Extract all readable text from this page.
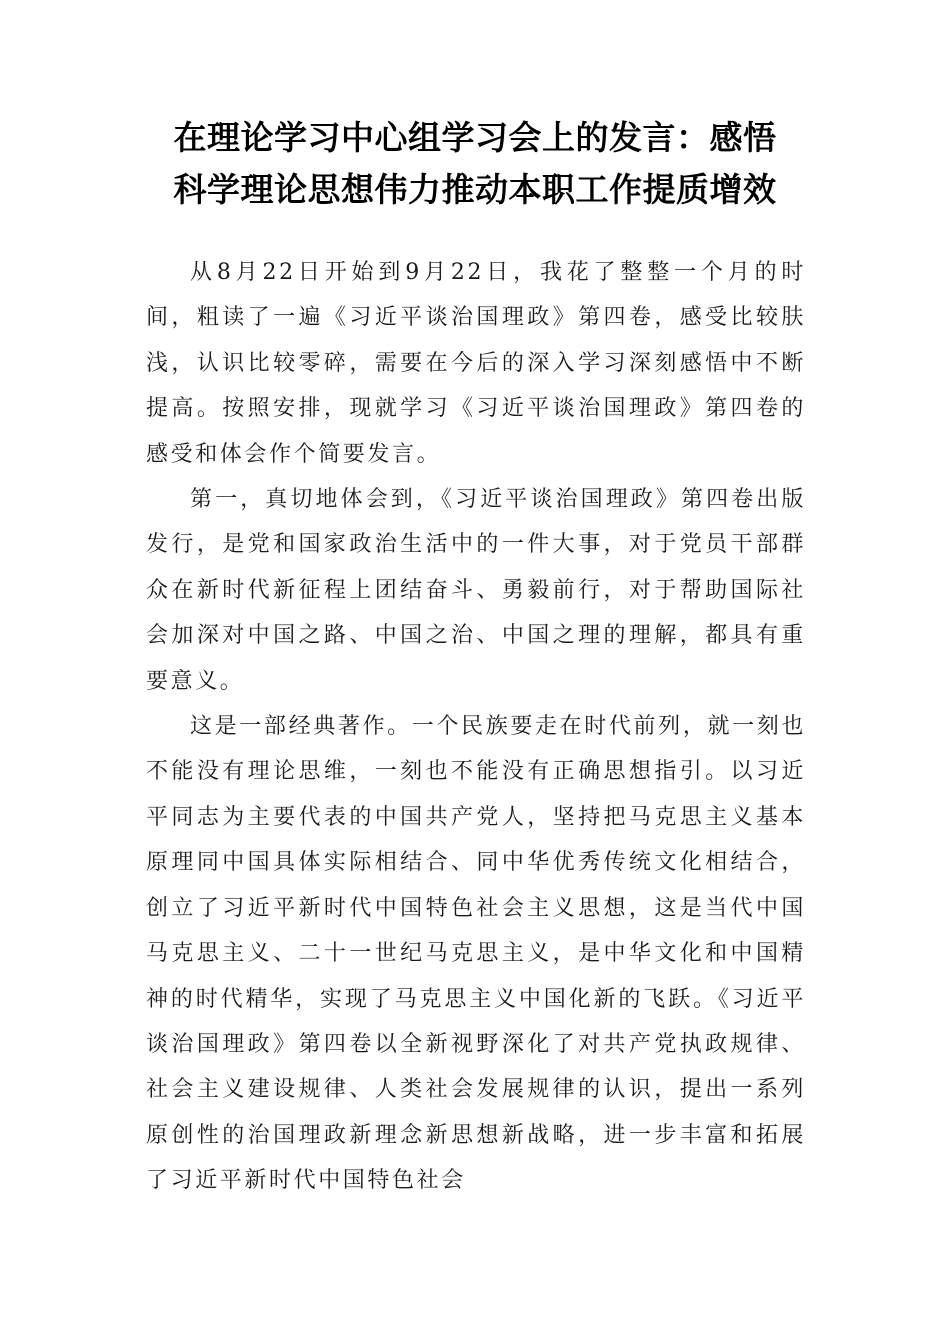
在理论学习中心组学习会上的发言：感悟
科学理论思想伟力推动本职工作提质增效

从8月22日开始到9月22日，我花了整整一个月的时间，粗读了一遍《习近平谈治国理政》第四卷，感受比较肤浅，认识比较零碎，需要在今后的深入学习深刻感悟中不断提高。按照安排，现就学习《习近平谈治国理政》第四卷的感受和体会作个简要发言。

第一，真切地体会到，《习近平谈治国理政》第四卷出版发行，是党和国家政治生活中的一件大事，对于党员干部群众在新时代新征程上团结奋斗、勇毅前行，对于帮助国际社会加深对中国之路、中国之治、中国之理的理解，都具有重要意义。

这是一部经典著作。一个民族要走在时代前列，就一刻也不能没有理论思维，一刻也不能没有正确思想指引。以习近平同志为主要代表的中国共产党人，坚持把马克思主义基本原理同中国具体实际相结合、同中华优秀传统文化相结合，创立了习近平新时代中国特色社会主义思想，这是当代中国马克思主义、二十一世纪马克思主义，是中华文化和中国精神的时代精华，实现了马克思主义中国化新的飞跃。《习近平谈治国理政》第四卷以全新视野深化了对共产党执政规律、社会主义建设规律、人类社会发展规律的认识，提出一系列原创性的治国理政新理念新思想新战略，进一步丰富和拓展了习近平新时代中国特色社会
